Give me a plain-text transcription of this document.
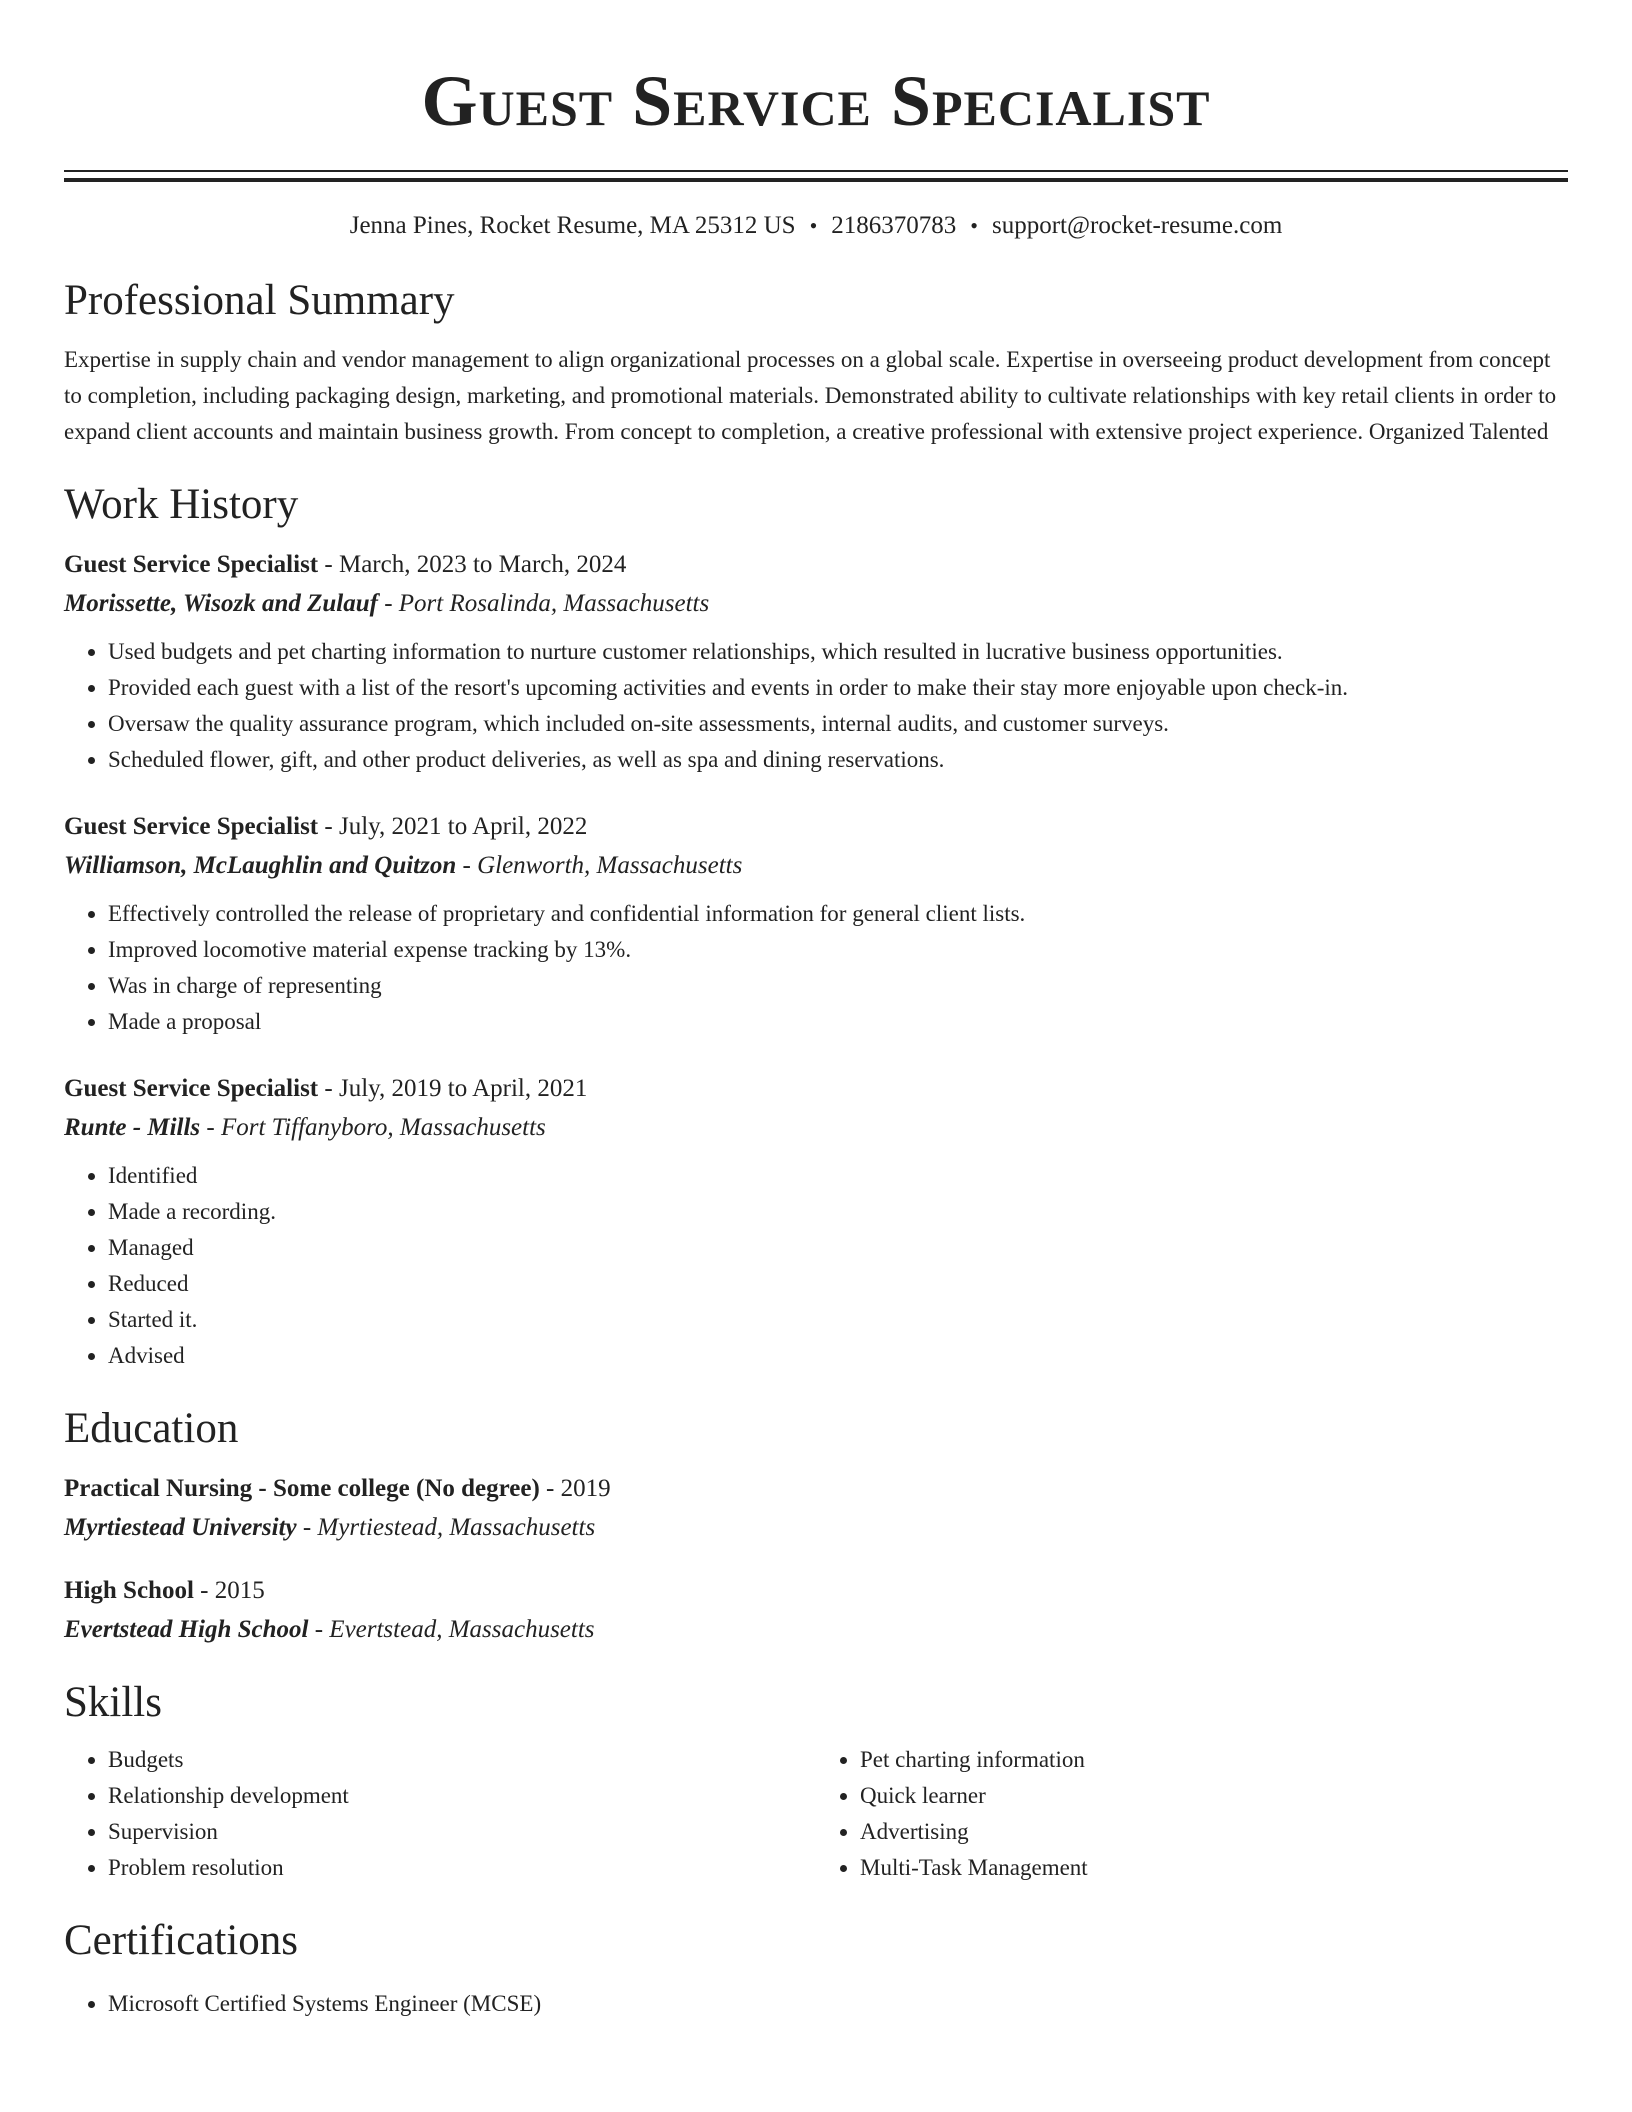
Guest Service Specialist
Jenna Pines, Rocket Resume, MA 25312 US • 2186370783 • support@rocket-resume.com
Professional Summary
Expertise in supply chain and vendor management to align organizational processes on a global scale. Expertise in overseeing product development from concept to completion, including packaging design, marketing, and promotional materials. Demonstrated ability to cultivate relationships with key retail clients in order to expand client accounts and maintain business growth. From concept to completion, a creative professional with extensive project experience. Organized Talented
Work History
Guest Service Specialist - March, 2023 to March, 2024
Morissette, Wisozk and Zulauf - Port Rosalinda, Massachusetts
• Used budgets and pet charting information to nurture customer relationships, which resulted in lucrative business opportunities.
• Provided each guest with a list of the resort's upcoming activities and events in order to make their stay more enjoyable upon check-in.
• Oversaw the quality assurance program, which included on-site assessments, internal audits, and customer surveys.
• Scheduled flower, gift, and other product deliveries, as well as spa and dining reservations.
Guest Service Specialist - July, 2021 to April, 2022
Williamson, McLaughlin and Quitzon - Glenworth, Massachusetts
• Effectively controlled the release of proprietary and confidential information for general client lists.
• Improved locomotive material expense tracking by 13%.
• Was in charge of representing
• Made a proposal
Guest Service Specialist - July, 2019 to April, 2021
Runte - Mills - Fort Tiffanyboro, Massachusetts
• Identified
• Made a recording.
• Managed
• Reduced
• Started it.
• Advised
Education
Practical Nursing - Some college (No degree) - 2019
Myrtiestead University - Myrtiestead, Massachusetts
High School - 2015
Evertstead High School - Evertstead, Massachusetts
Skills
• Budgets
• Relationship development
• Supervision
• Problem resolution
• Pet charting information
• Quick learner
• Advertising
• Multi-Task Management
Certifications
• Microsoft Certified Systems Engineer (MCSE)
